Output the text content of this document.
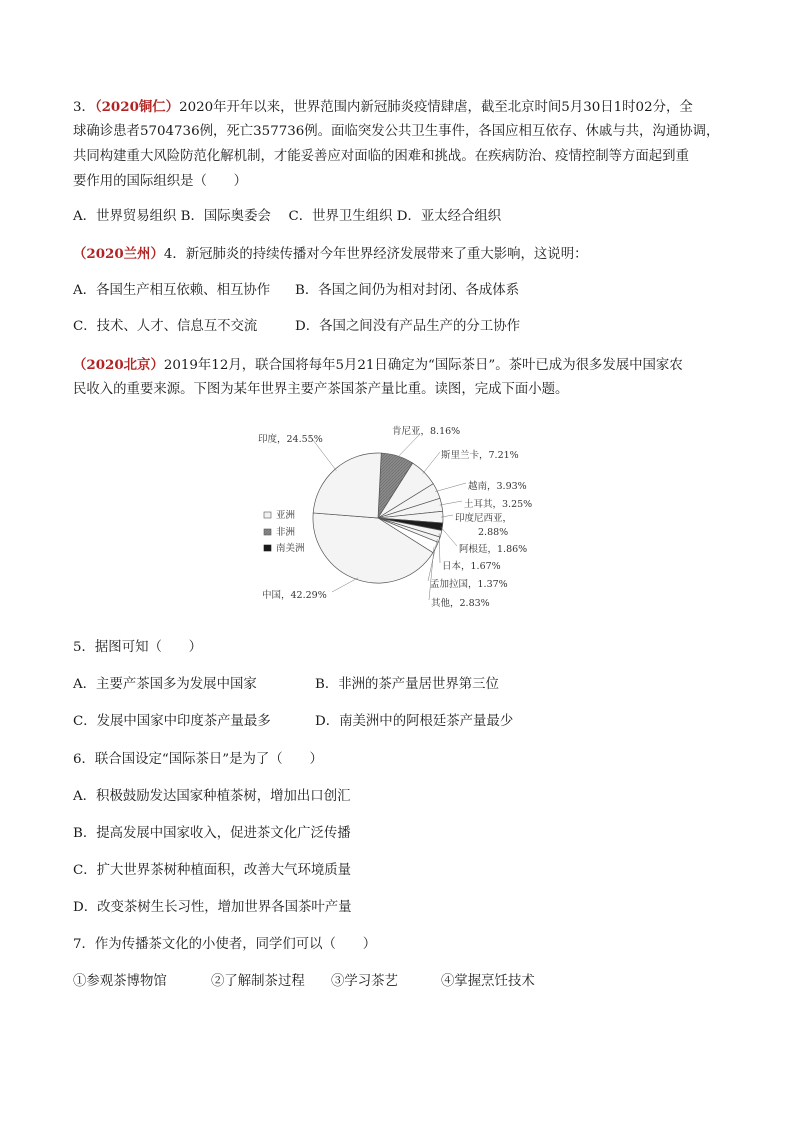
3．（2020铜仁）2020年开年以来，世界范围内新冠肺炎疫情肆虐，截至北京时间5月30日1时02分，全
球确诊患者5704736例，死亡357736例。面临突发公共卫生事件，各国应相互依存、休戚与共，沟通协调，
共同构建重大风险防范化解机制，才能妥善应对面临的困难和挑战。在疾病防治、疫情控制等方面起到重
要作用的国际组织是（　　）
A．世界贸易组织 B．国际奥委会　 C．世界卫生组织 D．亚太经合组织
（2020兰州）4．新冠肺炎的持续传播对今年世界经济发展带来了重大影响，这说明：
A．各国生产相互依赖、相互协作 B．各国之间仍为相对封闭、各成体系
C．技术、人才、信息互不交流	D．各国之间没有产品生产的分工协作
（2020北京）2019年12月，联合国将每年5月21日确定为“国际茶日”。茶叶已成为很多发展中国家农
民收入的重要来源。下图为某年世界主要产茶国茶产量比重。读图，完成下面小题。
印度，24.55%
肯尼亚，8.16%
斯里兰卡，7.21%
越南，3.93%
土耳其，3.25%
印度尼西亚，
2.88%
阿根廷，1.86%
日本，1.67%
孟加拉国，1.37%
其他，2.83%
中国，42.29%
亚洲
非洲
南美洲
5．据图可知（　　）
A．主要产茶国多为发展中国家	B．非洲的茶产量居世界第三位
C．发展中国家中印度茶产量最多	D．南美洲中的阿根廷茶产量最少
6．联合国设定“国际茶日”是为了（　　）
A．积极鼓励发达国家种植茶树，增加出口创汇
B．提高发展中国家收入，促进茶文化广泛传播
C．扩大世界茶树种植面积，改善大气环境质量
D．改变茶树生长习性，增加世界各国茶叶产量
7．作为传播茶文化的小使者，同学们可以（　　）
①参观茶博物馆	②了解制茶过程 ③学习茶艺	④掌握烹饪技术
